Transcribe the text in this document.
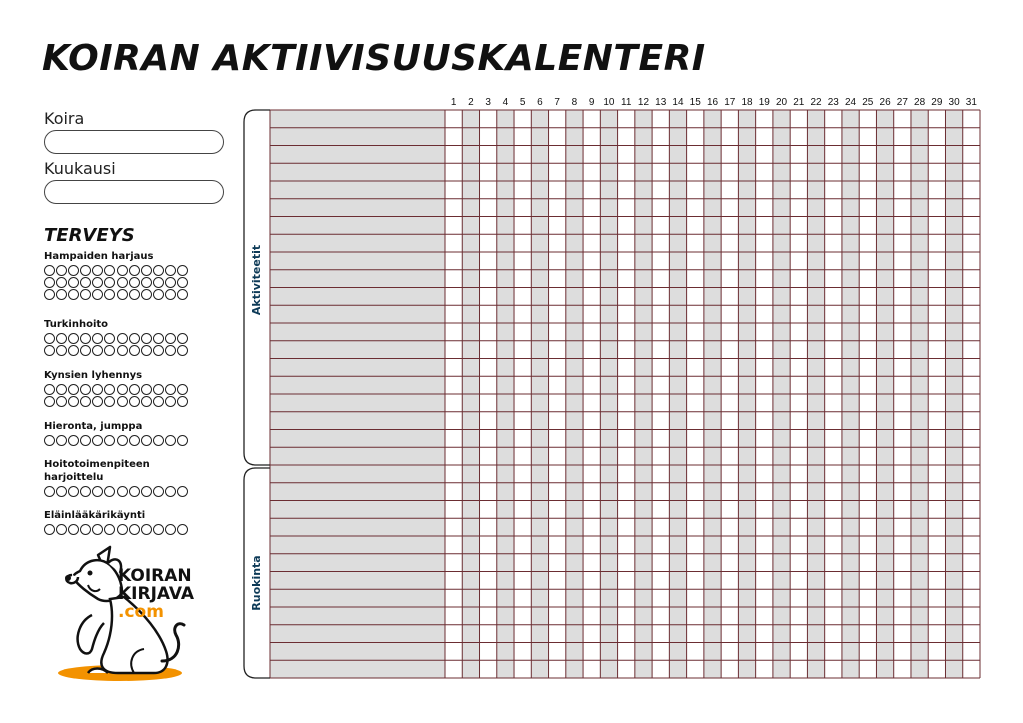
KOIRAN AKTIIVISUUSKALENTERI
Koira
Kuukausi
TERVEYS
Hampaiden harjaus
Turkinhoito
Kynsien lyhennys
Hieronta, jumppa
Hoitotoimenpiteen harjoittelu
Eläinlääkärikäynti
1 2 3 4 5 6 7 8 9 10 11 12 13 14 15 16 17 18 19 20 21 22 23 24 25 26 27 28 29 30 31
Aktiviteetit
Ruokinta
KOIRAN
KIRJAVA
.com
